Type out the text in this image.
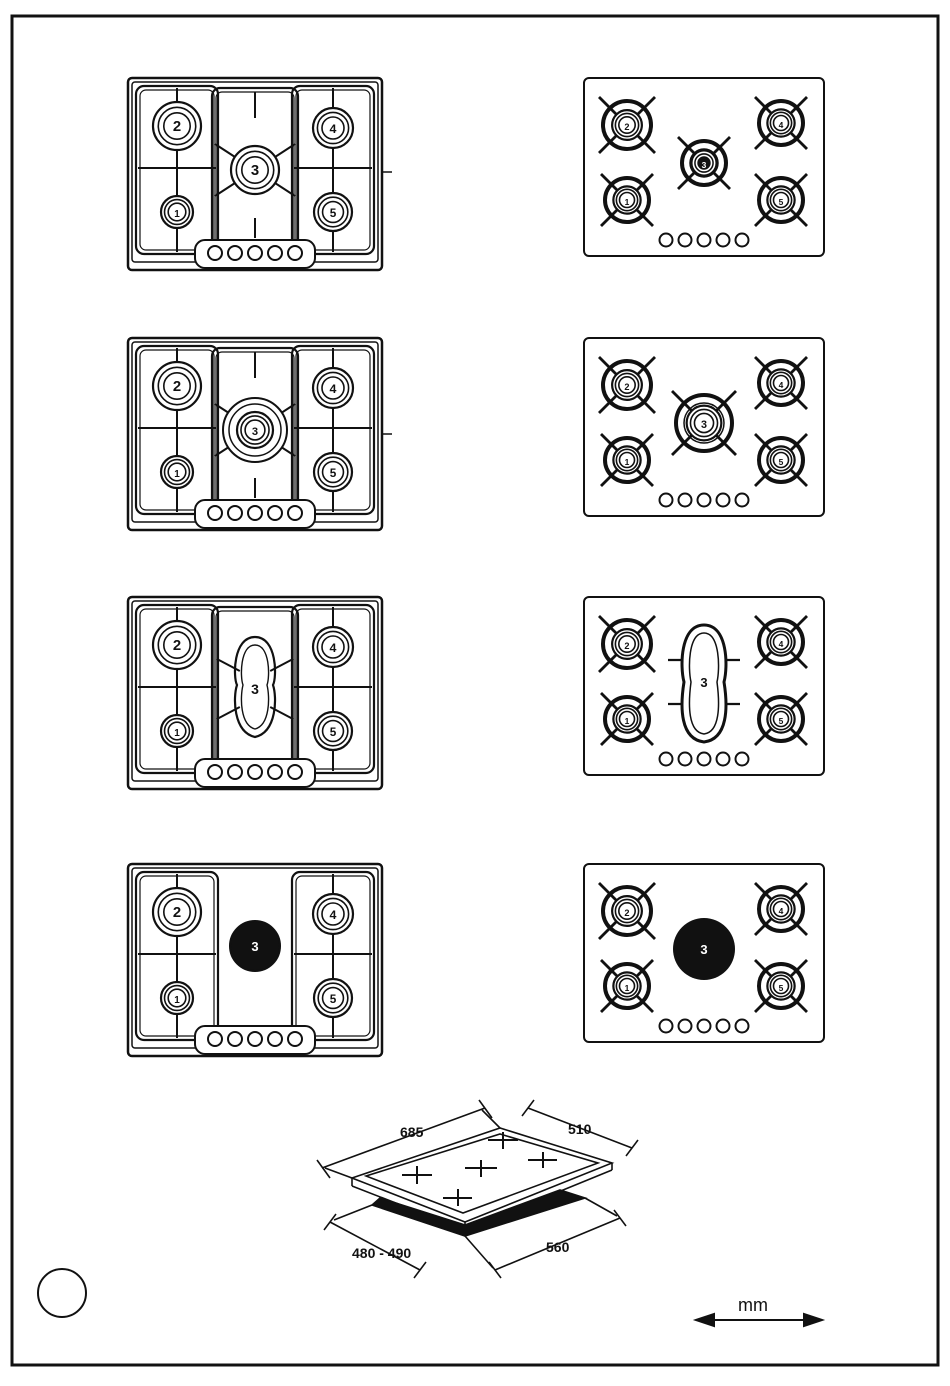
2	4
1	5
3
2	4
1	5
3
2	4
1	5
3
2	4
1	5
3
2	4
1	5
3
2	4
1	5
3
2	4
1	5
3
2	4
1	5
3
685	510
480 - 490	560
mm
